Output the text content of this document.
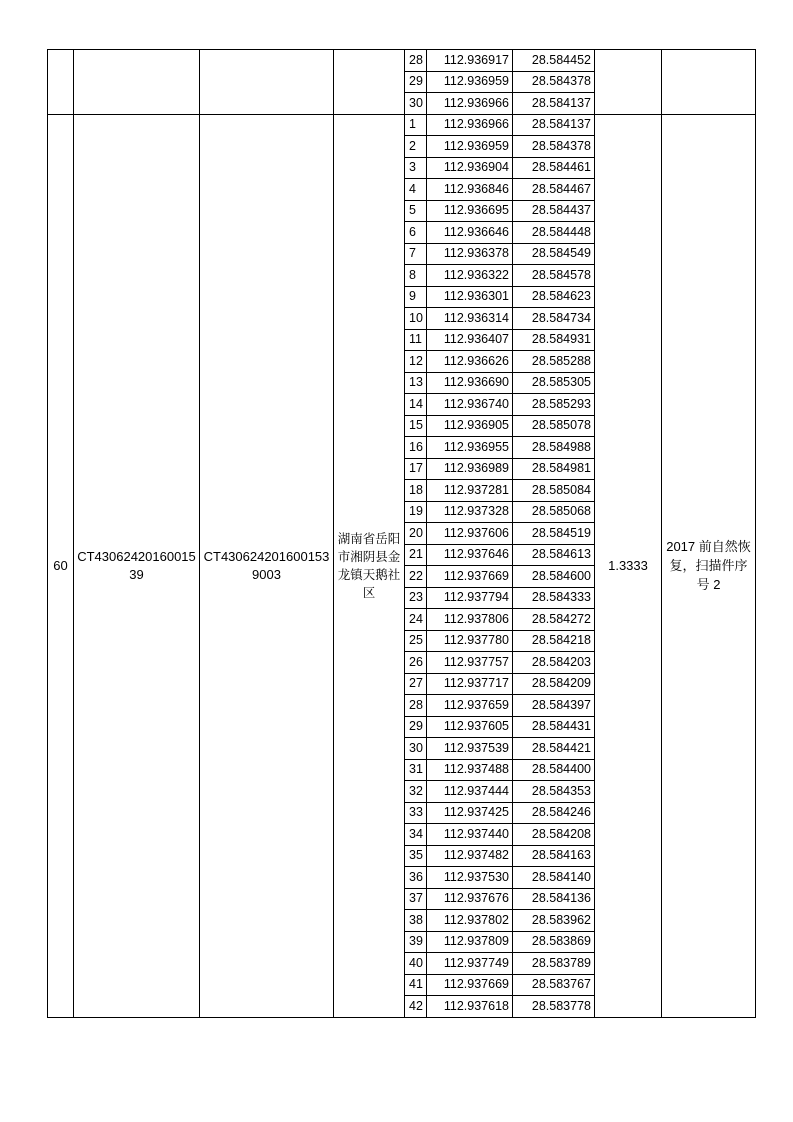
				28	112.936917	28.584452		
				29	112.936959	28.584378		
				30	112.936966	28.584137		
60	CT4306242016001539	CT4306242016001539003	湖南省岳阳市湘阴县金龙镇天鹅社区	1	112.936966	28.584137	1.3333	2017 前自然恢复，扫描件序号 2
				2	112.936959	28.584378		
				3	112.936904	28.584461		
				4	112.936846	28.584467		
				5	112.936695	28.584437		
				6	112.936646	28.584448		
				7	112.936378	28.584549		
				8	112.936322	28.584578		
				9	112.936301	28.584623		
				10	112.936314	28.584734		
				11	112.936407	28.584931		
				12	112.936626	28.585288		
				13	112.936690	28.585305		
				14	112.936740	28.585293		
				15	112.936905	28.585078		
				16	112.936955	28.584988		
				17	112.936989	28.584981		
				18	112.937281	28.585084		
				19	112.937328	28.585068		
				20	112.937606	28.584519		
				21	112.937646	28.584613		
				22	112.937669	28.584600		
				23	112.937794	28.584333		
				24	112.937806	28.584272		
				25	112.937780	28.584218		
				26	112.937757	28.584203		
				27	112.937717	28.584209		
				28	112.937659	28.584397		
				29	112.937605	28.584431		
				30	112.937539	28.584421		
				31	112.937488	28.584400		
				32	112.937444	28.584353		
				33	112.937425	28.584246		
				34	112.937440	28.584208		
				35	112.937482	28.584163		
				36	112.937530	28.584140		
				37	112.937676	28.584136		
				38	112.937802	28.583962		
				39	112.937809	28.583869		
				40	112.937749	28.583789		
				41	112.937669	28.583767		
				42	112.937618	28.583778		
